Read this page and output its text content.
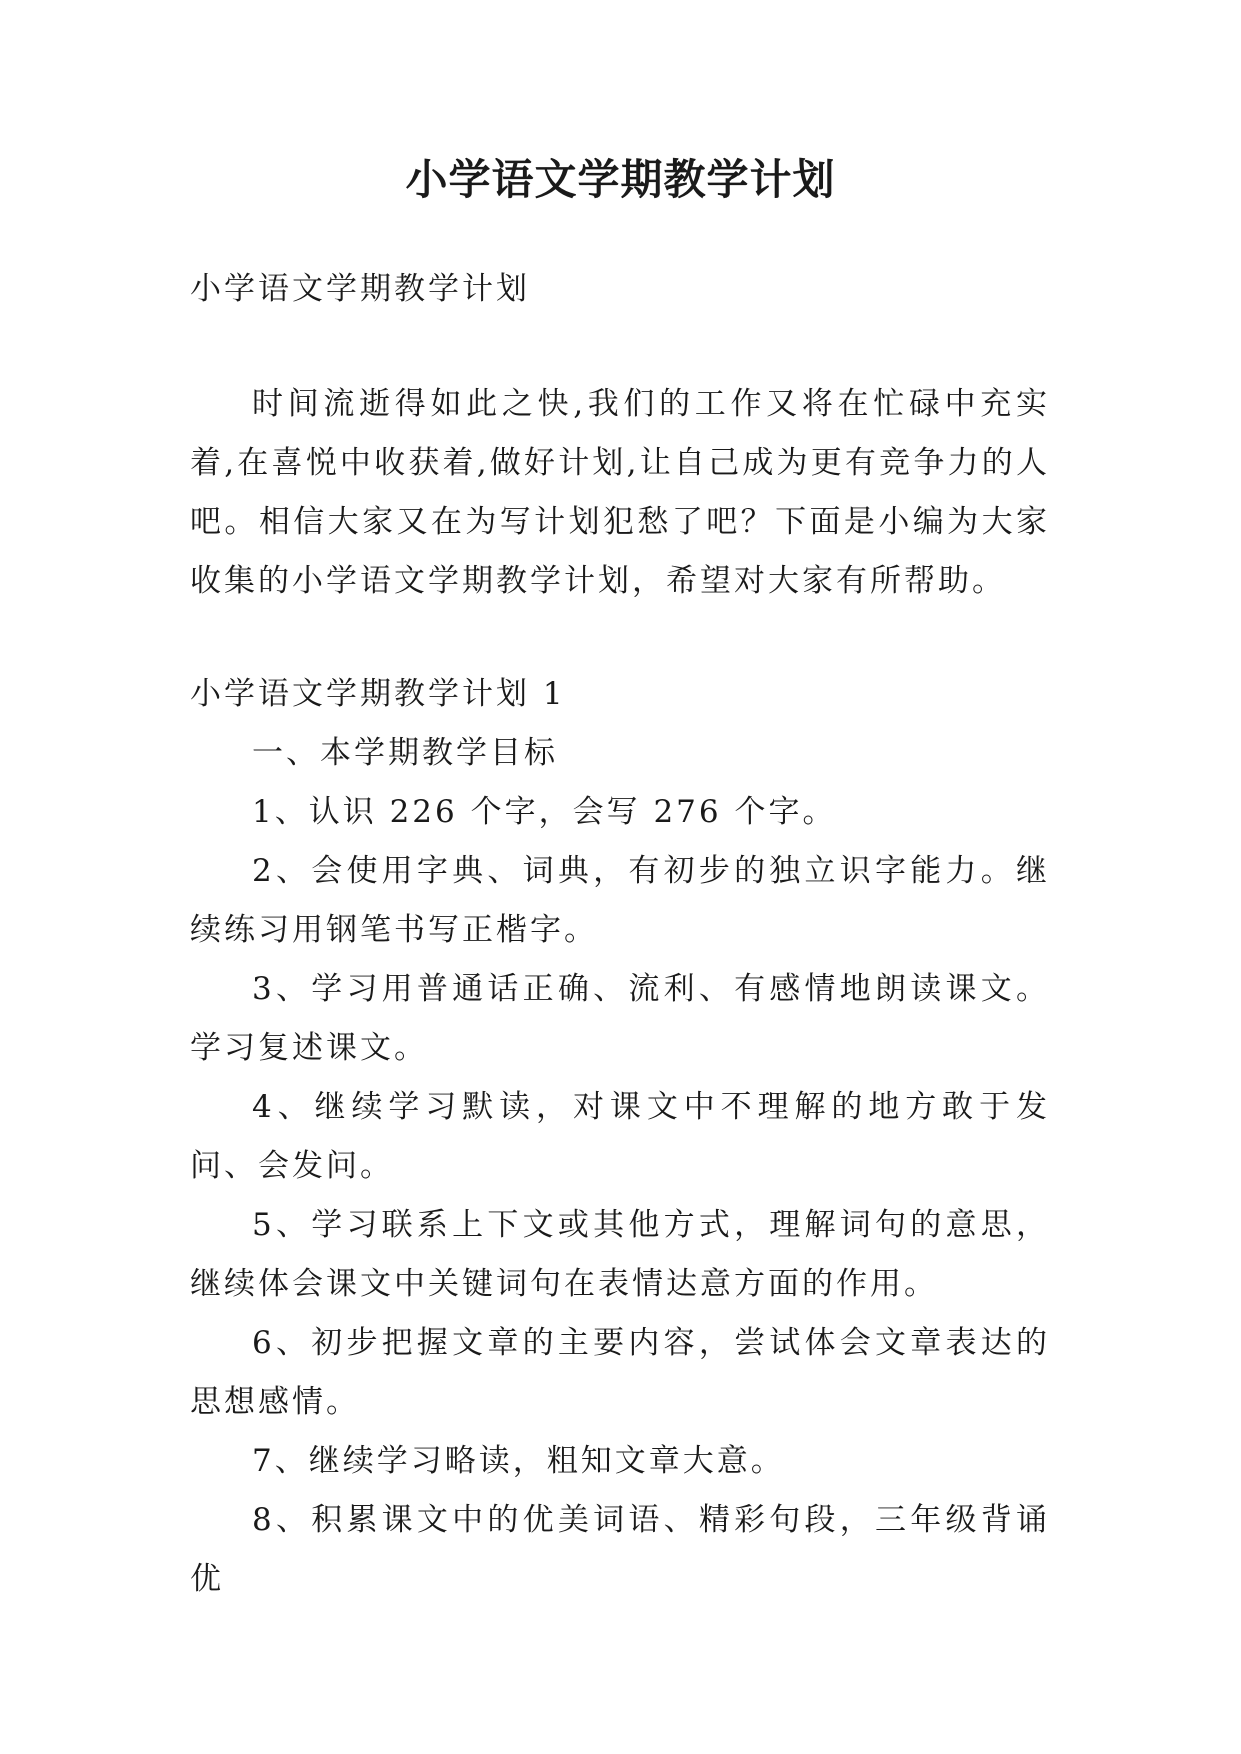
小学语文学期教学计划

小学语文学期教学计划

时间流逝得如此之快,我们的工作又将在忙碌中充实着,在喜悦中收获着,做好计划,让自己成为更有竞争力的人吧。相信大家又在为写计划犯愁了吧？下面是小编为大家收集的小学语文学期教学计划，希望对大家有所帮助。

小学语文学期教学计划 1

一、本学期教学目标

1、认识 226 个字，会写 276 个字。

2、会使用字典、词典，有初步的独立识字能力。继续练习用钢笔书写正楷字。

3、学习用普通话正确、流利、有感情地朗读课文。学习复述课文。

4、继续学习默读，对课文中不理解的地方敢于发问、会发问。

5、学习联系上下文或其他方式，理解词句的意思，继续体会课文中关键词句在表情达意方面的作用。

6、初步把握文章的主要内容，尝试体会文章表达的思想感情。

7、继续学习略读，粗知文章大意。

8、积累课文中的优美词语、精彩句段，三年级背诵优
